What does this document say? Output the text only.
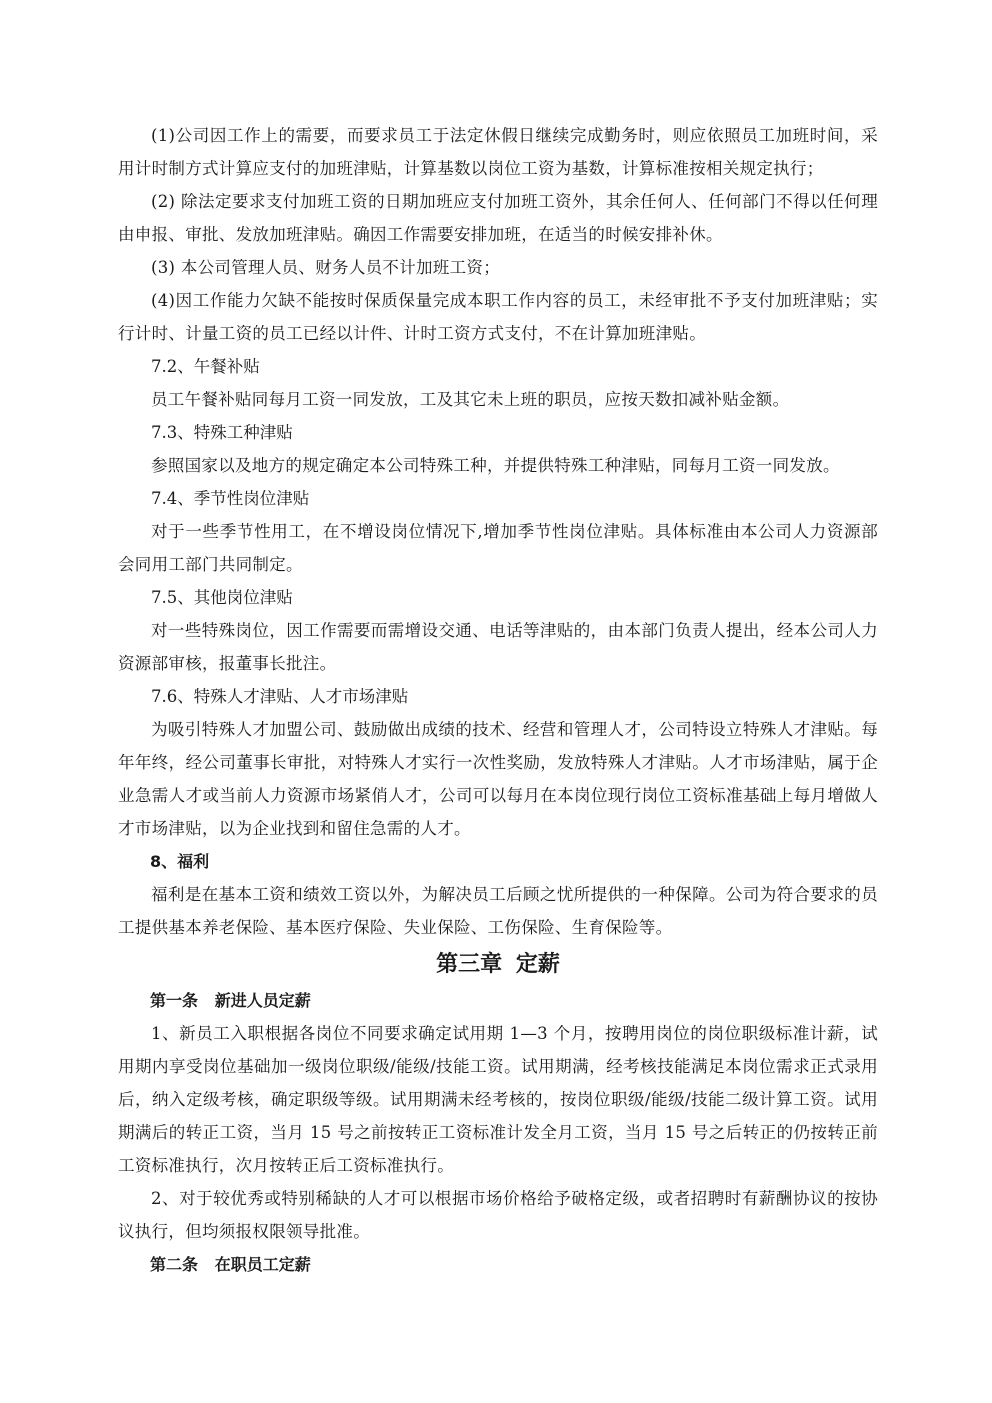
(1)公司因工作上的需要，而要求员工于法定休假日继续完成勤务时，则应依照员工加班时间，采用计时制方式计算应支付的加班津贴，计算基数以岗位工资为基数，计算标准按相关规定执行；

(2) 除法定要求支付加班工资的日期加班应支付加班工资外，其余任何人、任何部门不得以任何理由申报、审批、发放加班津贴。确因工作需要安排加班，在适当的时候安排补休。

(3) 本公司管理人员、财务人员不计加班工资；

(4)因工作能力欠缺不能按时保质保量完成本职工作内容的员工，未经审批不予支付加班津贴；实行计时、计量工资的员工已经以计件、计时工资方式支付，不在计算加班津贴。

7.2、午餐补贴

员工午餐补贴同每月工资一同发放，工及其它未上班的职员，应按天数扣减补贴金额。

7.3、特殊工种津贴

参照国家以及地方的规定确定本公司特殊工种，并提供特殊工种津贴，同每月工资一同发放。

7.4、季节性岗位津贴

对于一些季节性用工，在不增设岗位情况下,增加季节性岗位津贴。具体标准由本公司人力资源部会同用工部门共同制定。

7.5、其他岗位津贴

对一些特殊岗位，因工作需要而需增设交通、电话等津贴的，由本部门负责人提出，经本公司人力资源部审核，报董事长批注。

7.6、特殊人才津贴、人才市场津贴

为吸引特殊人才加盟公司、鼓励做出成绩的技术、经营和管理人才，公司特设立特殊人才津贴。每年年终，经公司董事长审批，对特殊人才实行一次性奖励，发放特殊人才津贴。人才市场津贴，属于企业急需人才或当前人力资源市场紧俏人才，公司可以每月在本岗位现行岗位工资标准基础上每月增做人才市场津贴，以为企业找到和留住急需的人才。

8、福利

福利是在基本工资和绩效工资以外，为解决员工后顾之忧所提供的一种保障。公司为符合要求的员工提供基本养老保险、基本医疗保险、失业保险、工伤保险、生育保险等。

第三章 定薪

第一条   新进人员定薪

1、新员工入职根据各岗位不同要求确定试用期 1—3 个月，按聘用岗位的岗位职级标准计薪，试用期内享受岗位基础加一级岗位职级/能级/技能工资。试用期满，经考核技能满足本岗位需求正式录用后，纳入定级考核，确定职级等级。试用期满未经考核的，按岗位职级/能级/技能二级计算工资。试用期满后的转正工资，当月 15 号之前按转正工资标准计发全月工资，当月 15 号之后转正的仍按转正前工资标准执行，次月按转正后工资标准执行。

2、对于较优秀或特别稀缺的人才可以根据市场价格给予破格定级，或者招聘时有薪酬协议的按协议执行，但均须报权限领导批准。

第二条   在职员工定薪
